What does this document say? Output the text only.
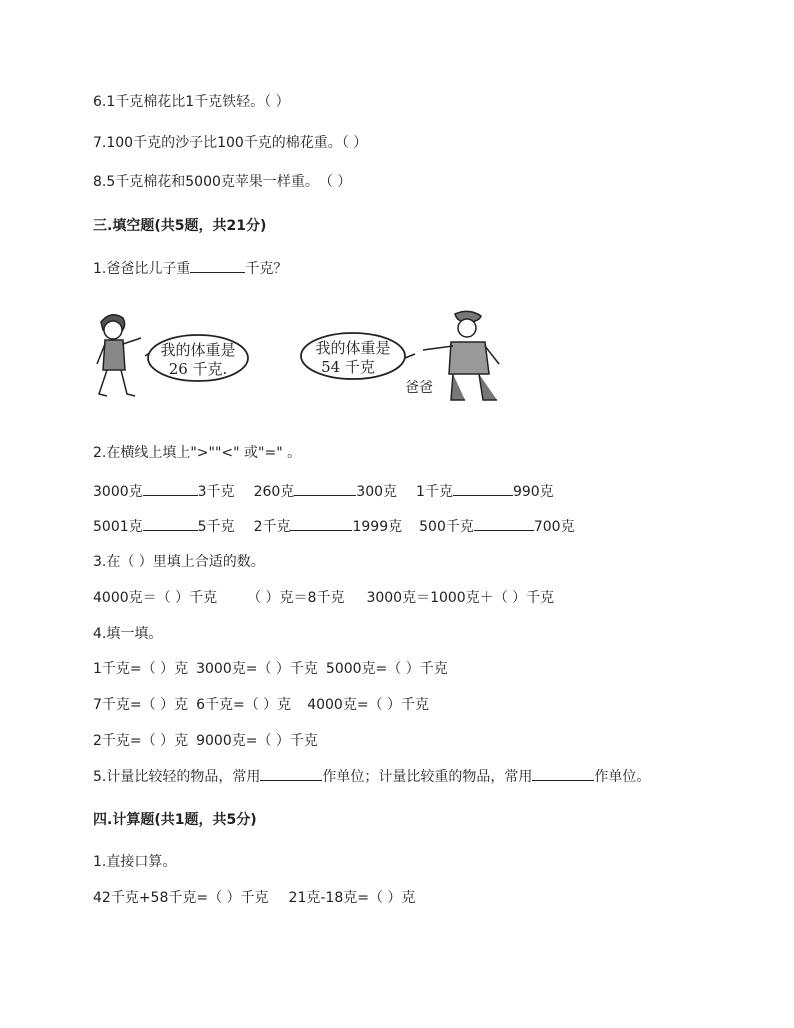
6.1千克棉花比1千克铁轻。（ ）
7.100千克的沙子比100千克的棉花重。（ ）
8.5千克棉花和5000克苹果一样重。　（ ）
三.填空题(共5题，共21分)
1.爸爸比儿子重	千克？
我的体重是
26 千克.
我的体重是
54 千克
爸爸
2.在横线上填上">""<" 或"=" 。
3000克	3千克 260克	300克 1千克	990克
5001克	5千克 2千克	1999克 500千克	700克
3.在（ ）里填上合适的数。
4000克＝（ ）千克 （ ）克＝8千克 3000克＝1000克＋（ ）千克
4.填一填。
1千克=（ ）克 3000克=（ ）千克 5000克=（ ）千克
7千克=（ ）克 6千克=（ ）克 4000克=（ ）千克
2千克=（ ）克 9000克=（ ）千克
5.计量比较轻的物品，常用	作单位；计量比较重的物品，常用	作单位。
四.计算题(共1题，共5分)
1.直接口算。
42千克+58千克=（ ）千克 21克-18克=（ ）克
